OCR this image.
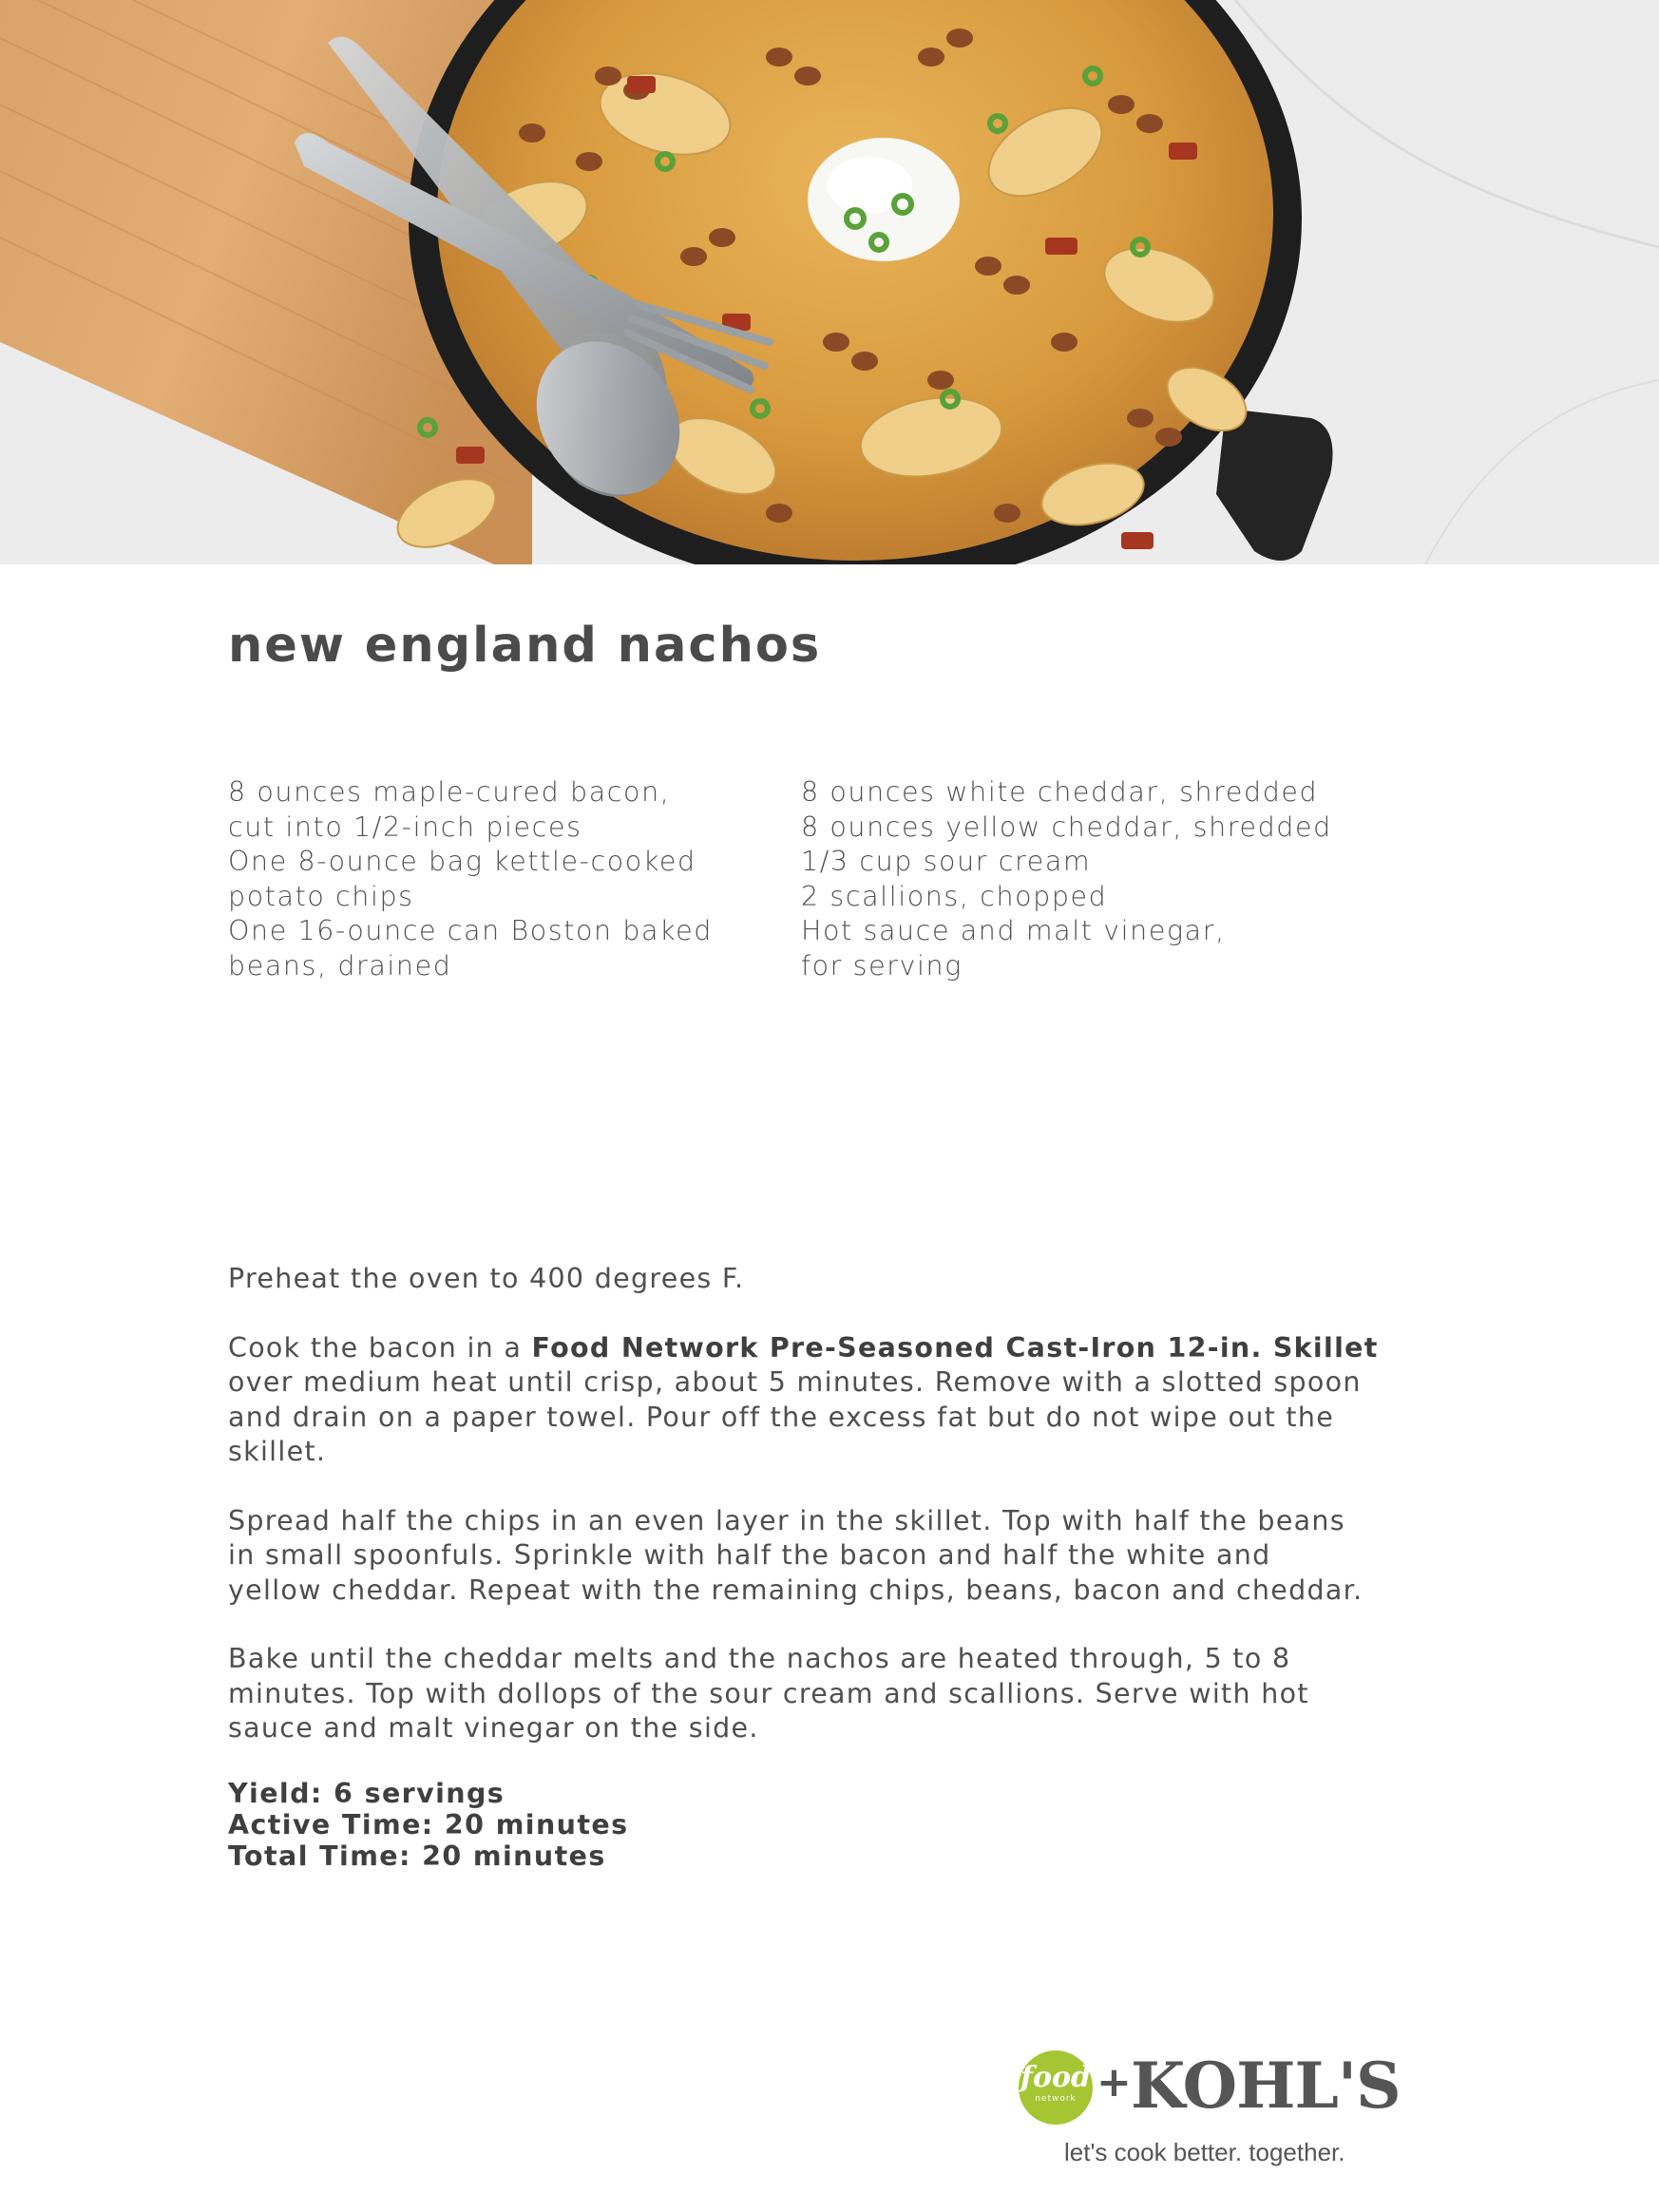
new england nachos
8 ounces maple-cured bacon,
cut into 1/2-inch pieces
One 8-ounce bag kettle-cooked
potato chips
One 16-ounce can Boston baked
beans, drained
8 ounces white cheddar, shredded
8 ounces yellow cheddar, shredded
1/3 cup sour cream
2 scallions, chopped
Hot sauce and malt vinegar,
for serving

Preheat the oven to 400 degrees F.

Cook the bacon in a Food Network Pre-Seasoned Cast-Iron 12-in. Skillet
over medium heat until crisp, about 5 minutes. Remove with a slotted spoon
and drain on a paper towel. Pour off the excess fat but do not wipe out the
skillet.

Spread half the chips in an even layer in the skillet. Top with half the beans
in small spoonfuls. Sprinkle with half the bacon and half the white and
yellow cheddar. Repeat with the remaining chips, beans, bacon and cheddar.

Bake until the cheddar melts and the nachos are heated through, 5 to 8
minutes. Top with dollops of the sour cream and scallions. Serve with hot
sauce and malt vinegar on the side.

Yield: 6 servings
Active Time: 20 minutes
Total Time: 20 minutes
food
network + KOHL'S
let's cook better. together.
